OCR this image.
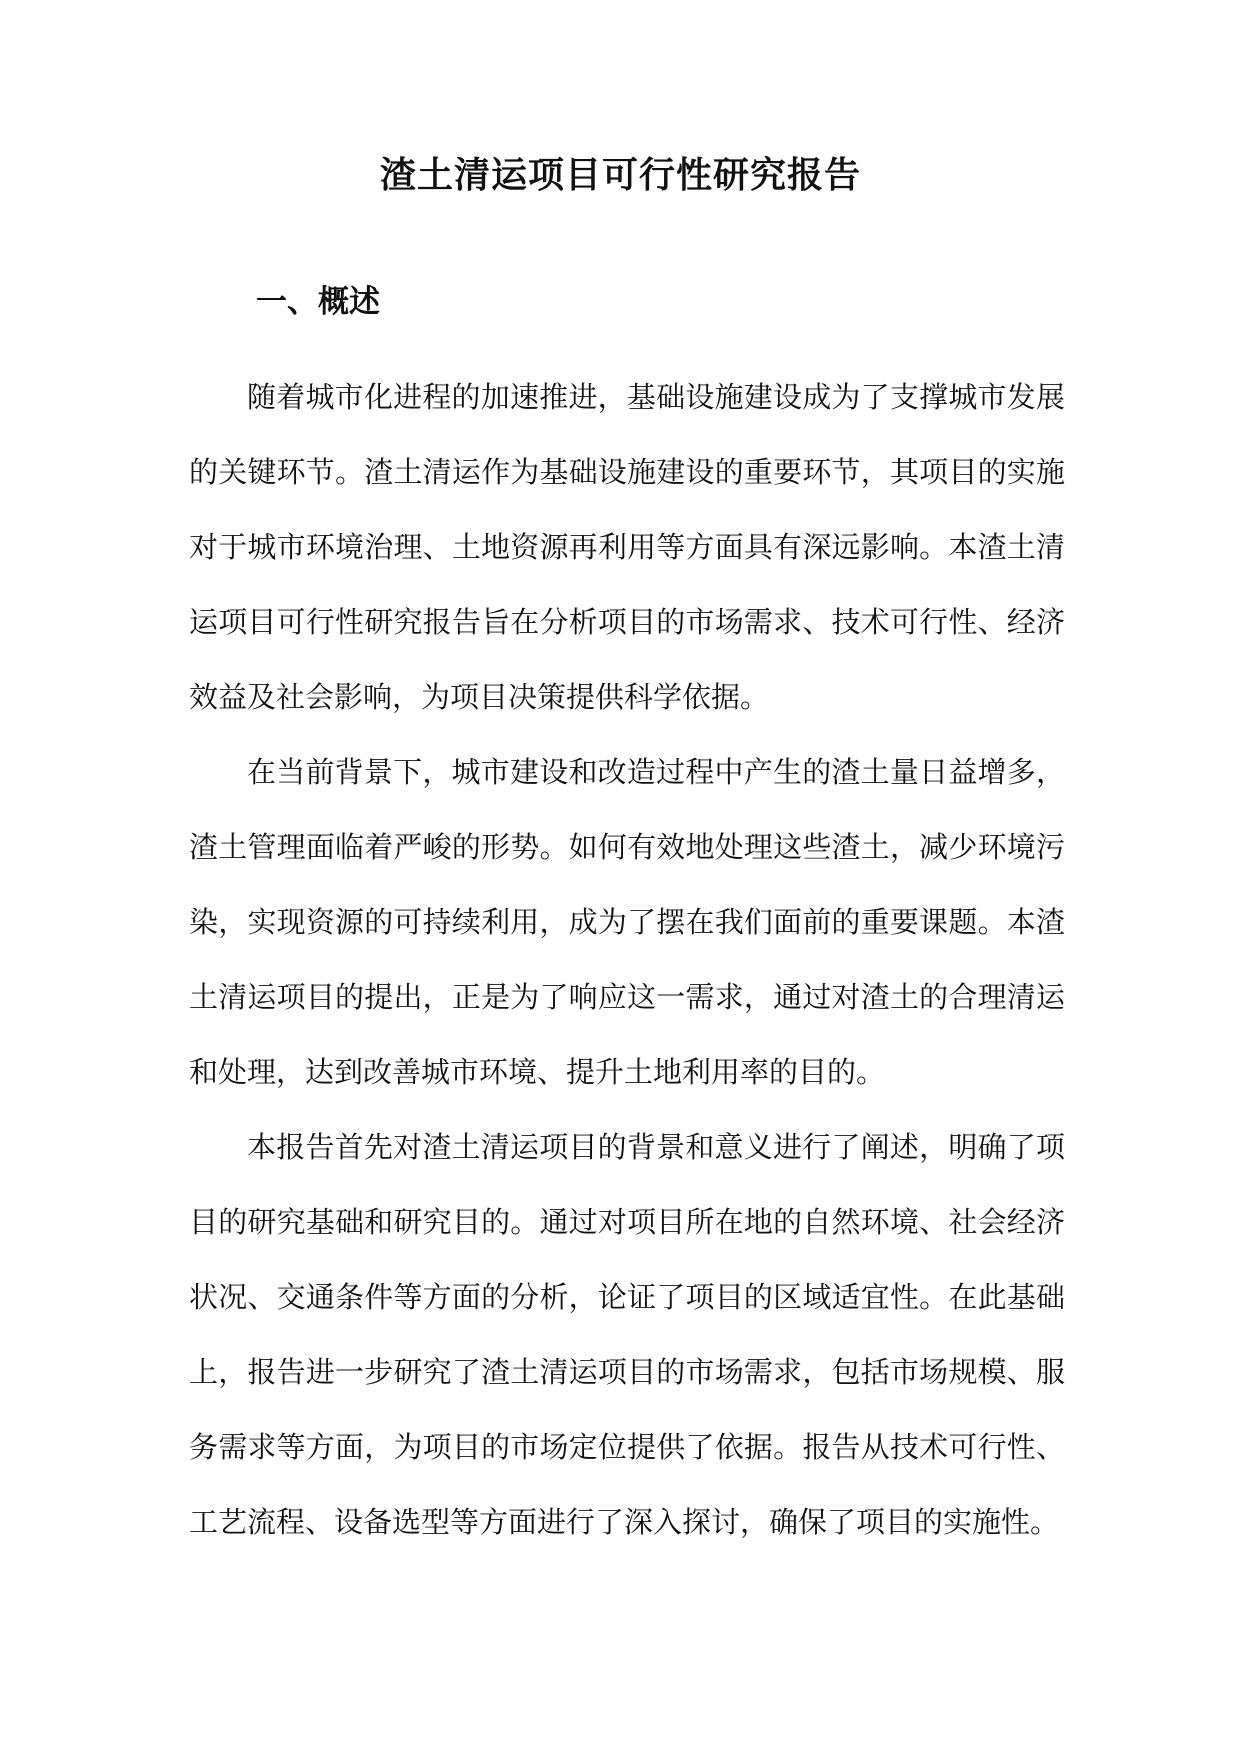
渣土清运项目可行性研究报告
一、概述

随着城市化进程的加速推进，基础设施建设成为了支撑城市发展的关键环节。渣土清运作为基础设施建设的重要环节，其项目的实施对于城市环境治理、土地资源再利用等方面具有深远影响。本渣土清运项目可行性研究报告旨在分析项目的市场需求、技术可行性、经济效益及社会影响，为项目决策提供科学依据。

在当前背景下，城市建设和改造过程中产生的渣土量日益增多，渣土管理面临着严峻的形势。如何有效地处理这些渣土，减少环境污染，实现资源的可持续利用，成为了摆在我们面前的重要课题。本渣土清运项目的提出，正是为了响应这一需求，通过对渣土的合理清运和处理，达到改善城市环境、提升土地利用率的目的。

本报告首先对渣土清运项目的背景和意义进行了阐述，明确了项目的研究基础和研究目的。通过对项目所在地的自然环境、社会经济状况、交通条件等方面的分析，论证了项目的区域适宜性。在此基础上，报告进一步研究了渣土清运项目的市场需求，包括市场规模、服务需求等方面，为项目的市场定位提供了依据。报告从技术可行性、工艺流程、设备选型等方面进行了深入探讨，确保了项目的实施性。
